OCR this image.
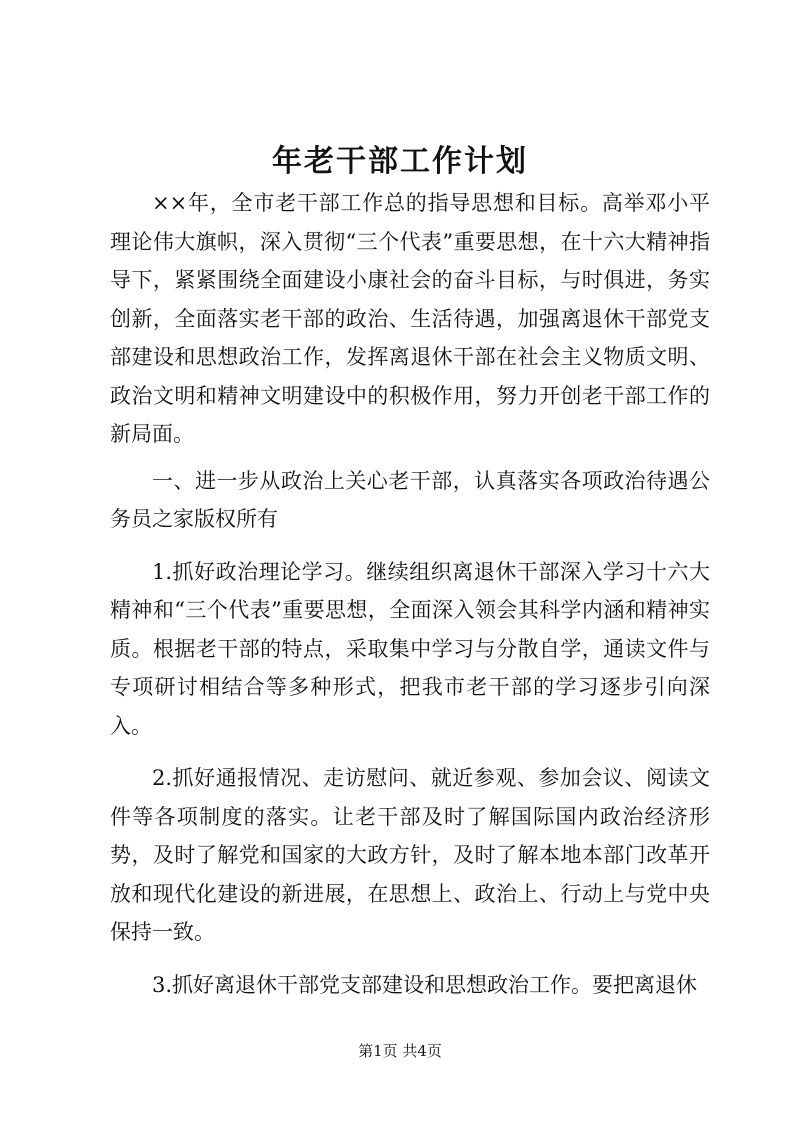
年老干部工作计划

××年，全市老干部工作总的指导思想和目标。高举邓小平理论伟大旗帜，深入贯彻“三个代表”重要思想，在十六大精神指导下，紧紧围绕全面建设小康社会的奋斗目标，与时俱进，务实创新，全面落实老干部的政治、生活待遇，加强离退休干部党支部建设和思想政治工作，发挥离退休干部在社会主义物质文明、政治文明和精神文明建设中的积极作用，努力开创老干部工作的新局面。

一、进一步从政治上关心老干部，认真落实各项政治待遇公务员之家版权所有

1.抓好政治理论学习。继续组织离退休干部深入学习十六大精神和“三个代表”重要思想，全面深入领会其科学内涵和精神实质。根据老干部的特点，采取集中学习与分散自学，通读文件与专项研讨相结合等多种形式，把我市老干部的学习逐步引向深入。

2.抓好通报情况、走访慰问、就近参观、参加会议、阅读文件等各项制度的落实。让老干部及时了解国际国内政治经济形势，及时了解党和国家的大政方针，及时了解本地本部门改革开放和现代化建设的新进展，在思想上、政治上、行动上与党中央保持一致。

3.抓好离退休干部党支部建设和思想政治工作。要把离退休

第1页 共4页
